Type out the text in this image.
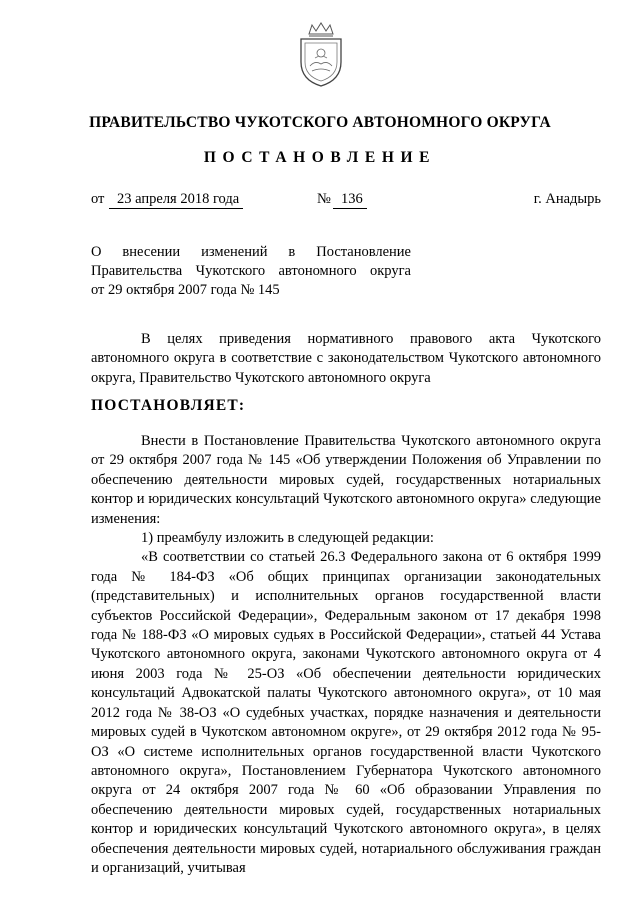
ПРАВИТЕЛЬСТВО ЧУКОТСКОГО АВТОНОМНОГО ОКРУГА
ПОСТАНОВЛЕНИЕ
от 23 апреля 2018 года	№ 136	г. Анадырь
О внесении изменений в Постановление
Правительства Чукотского автономного округа
от 29 октября 2007 года № 145

В целях приведения нормативного правового акта Чукотского автономного округа в соответствие с законодательством Чукотского автономного округа, Правительство Чукотского автономного округа

ПОСТАНОВЛЯЕТ:

Внести в Постановление Правительства Чукотского автономного округа от 29 октября 2007 года № 145 «Об утверждении Положения об Управлении по обеспечению деятельности мировых судей, государственных нотариальных контор и юридических консультаций Чукотского автономного округа» следующие изменения:

1) преамбулу изложить в следующей редакции:

«В соответствии со статьей 26.3 Федерального закона от 6 октября 1999 года № 184-ФЗ «Об общих принципах организации законодательных (представительных) и исполнительных органов государственной власти субъектов Российской Федерации», Федеральным законом от 17 декабря 1998 года № 188-ФЗ «О мировых судьях в Российской Федерации», статьей 44 Устава Чукотского автономного округа, законами Чукотского автономного округа от 4 июня 2003 года № 25-ОЗ «Об обеспечении деятельности юридических консультаций Адвокатской палаты Чукотского автономного округа», от 10 мая 2012 года № 38-ОЗ «О судебных участках, порядке назначения и деятельности мировых судей в Чукотском автономном округе», от 29 октября 2012 года № 95-ОЗ «О системе исполнительных органов государственной власти Чукотского автономного округа», Постановлением Губернатора Чукотского автономного округа от 24 октября 2007 года № 60 «Об образовании Управления по обеспечению деятельности мировых судей, государственных нотариальных контор и юридических консультаций Чукотского автономного округа», в целях обеспечения деятельности мировых судей, нотариального обслуживания граждан и организаций, учитывая
